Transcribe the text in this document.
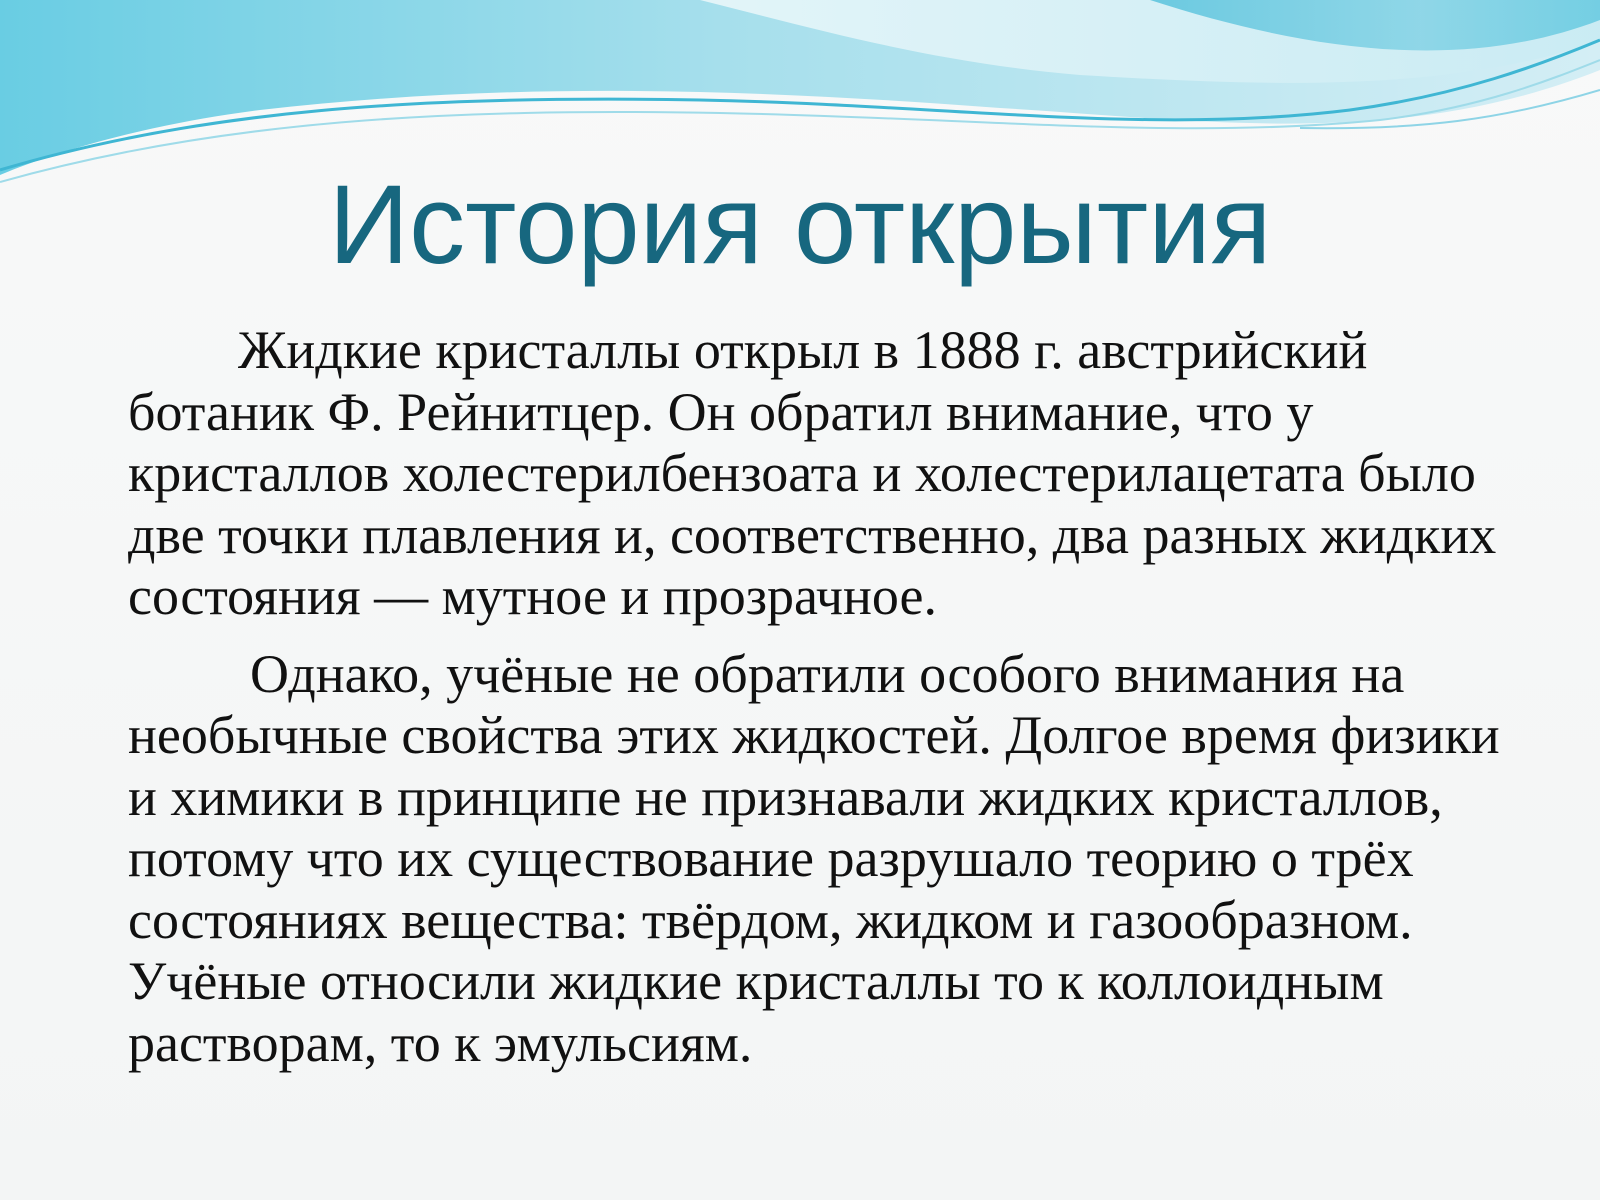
История открытия

Жидкие кристаллы открыл в 1888 г. австрийский ботаник Ф. Рейнитцер. Он обратил внимание, что у кристаллов холестерилбензоата и холестерилацетата было две точки плавления и, соответственно, два разных жидких состояния — мутное и прозрачное.

Однако, учёные не обратили особого внимания на необычные свойства этих жидкостей. Долгое время физики и химики в принципе не признавали жидких кристаллов, потому что их существование разрушало теорию о трёх состояниях вещества: твёрдом, жидком и газообразном. Учёные относили жидкие кристаллы то к коллоидным растворам, то к эмульсиям.
